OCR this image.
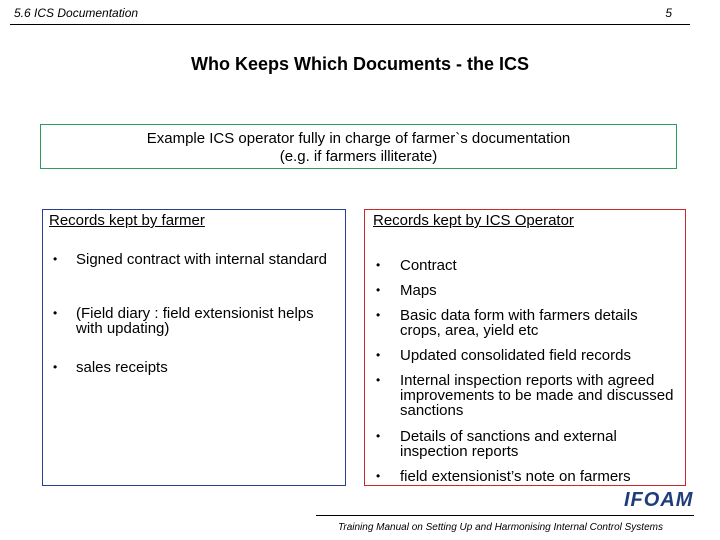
5.6 ICS Documentation	5
Who Keeps Which Documents - the ICS
Example ICS operator fully in charge of farmer`s documentation
(e.g. if farmers illiterate)
Records kept by farmer
• Signed contract with internal standard
• (Field diary : field extensionist helps with updating)
• sales receipts
Records kept by ICS Operator
• Contract
• Maps
• Basic data form with farmers details crops, area, yield etc
• Updated consolidated field records
• Internal inspection reports with agreed improvements to be made and discussed sanctions
• Details of sanctions and external inspection reports
• field extensionist’s note on farmers
IFOAM
Training Manual on Setting Up and Harmonising Internal Control Systems
